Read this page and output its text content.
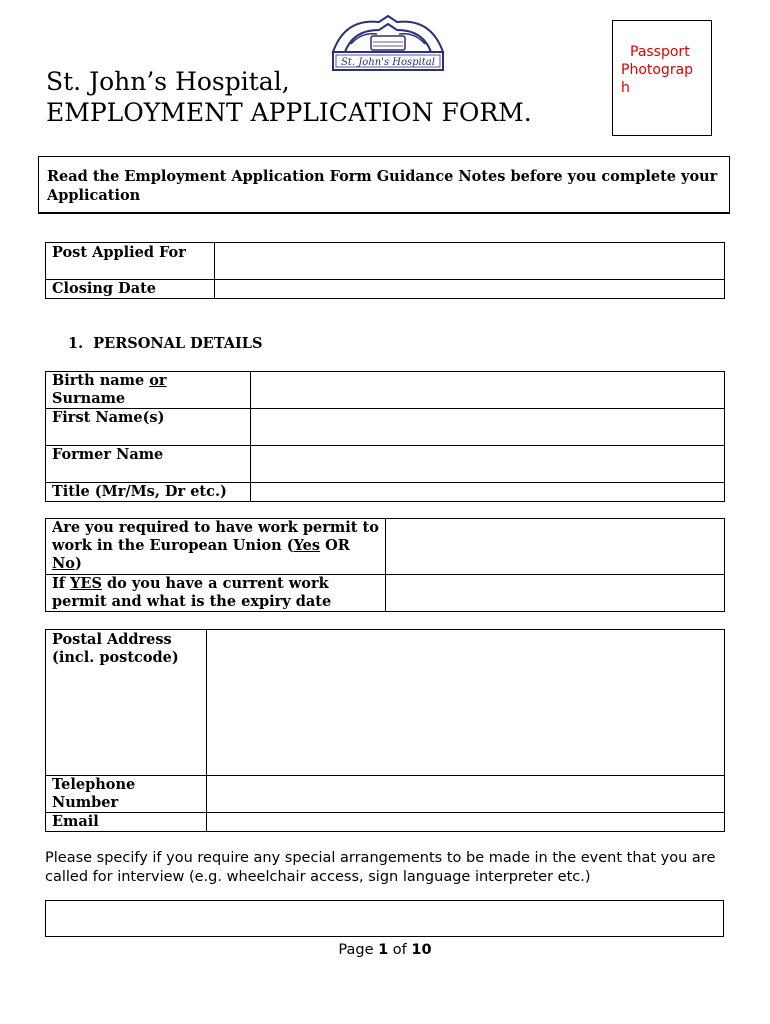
St. John's Hospital
St. John’s Hospital,
EMPLOYMENT APPLICATION FORM.
Passport
Photograp
h
Read the Employment Application Form Guidance Notes before you complete your Application
Post Applied For	
Closing Date	
1. PERSONAL DETAILS
Birth name or
Surname	
First Name(s)	
Former Name	
Title (Mr/Ms, Dr etc.)	
Are you required to have work permit to work in the European Union (Yes OR No)	
If YES do you have a current work permit and what is the expiry date	
Postal Address (incl. postcode)	
Telephone Number	
Email	
Please specify if you require any special arrangements to be made in the event that you are called for interview (e.g. wheelchair access, sign language interpreter etc.)
Page 1 of 10
